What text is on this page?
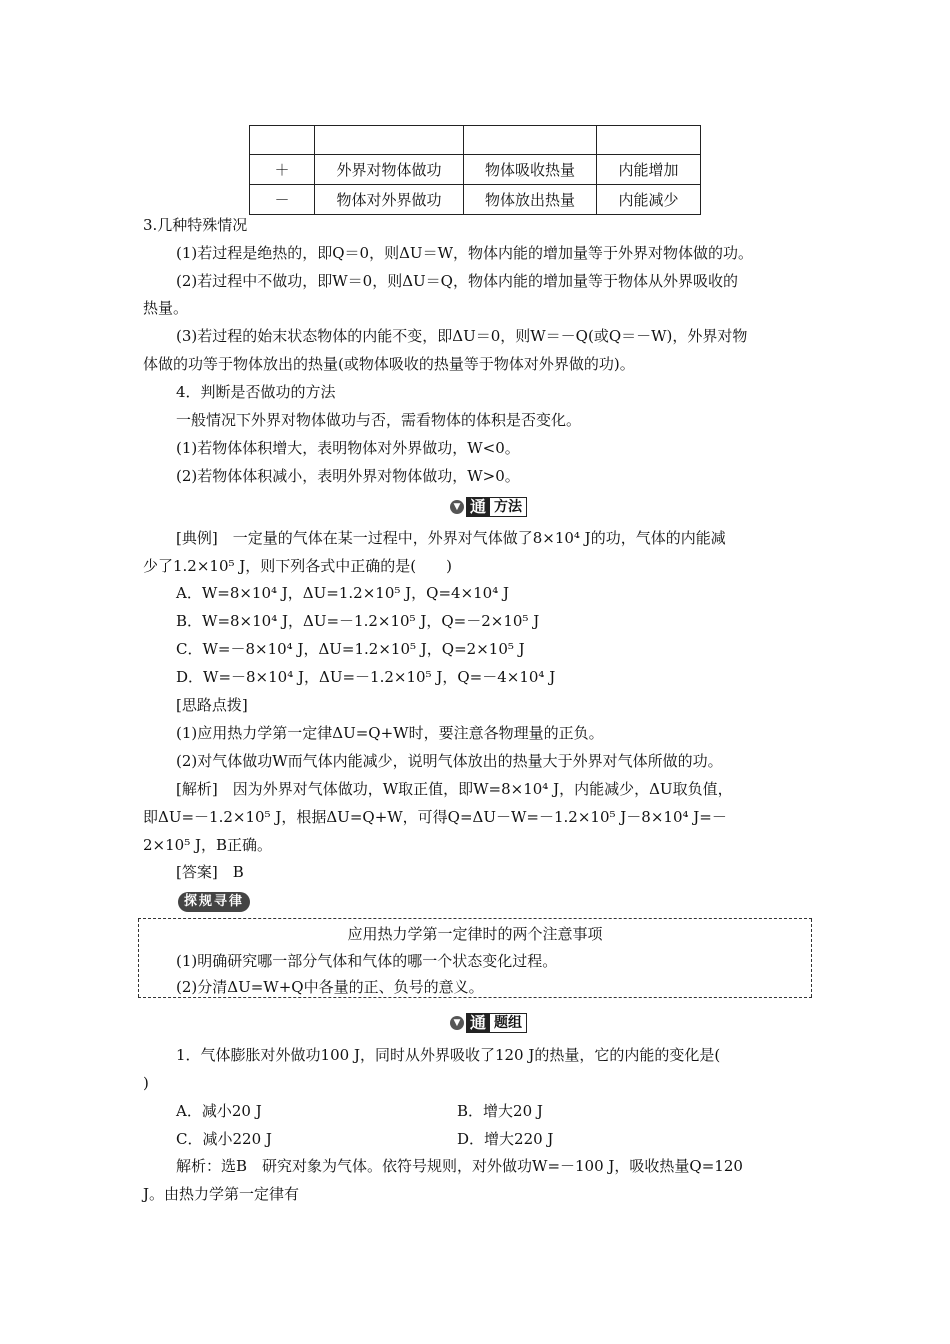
＋	外界对物体做功	物体吸收热量	内能增加
－	物体对外界做功	物体放出热量	内能减少
3.几种特殊情况
(1)若过程是绝热的，即Q＝0，则ΔU＝W，物体内能的增加量等于外界对物体做的功。
(2)若过程中不做功，即W＝0，则ΔU＝Q，物体内能的增加量等于物体从外界吸收的
热量。
(3)若过程的始末状态物体的内能不变，即ΔU＝0，则W＝－Q(或Q＝－W)，外界对物
体做的功等于物体放出的热量(或物体吸收的热量等于物体对外界做的功)。
4．判断是否做功的方法
一般情况下外界对物体做功与否，需看物体的体积是否变化。
(1)若物体体积增大，表明物体对外界做功，W<0。
(2)若物体体积减小，表明外界对物体做功，W>0。
▼ 通 方法
[典例]　一定量的气体在某一过程中，外界对气体做了8×10⁴ J的功，气体的内能减
少了1.2×10⁵ J，则下列各式中正确的是(　　)
A．W=8×10⁴ J，ΔU=1.2×10⁵ J，Q=4×10⁴ J
B．W=8×10⁴ J，ΔU=－1.2×10⁵ J，Q=－2×10⁵ J
C．W=－8×10⁴ J，ΔU=1.2×10⁵ J，Q=2×10⁵ J
D．W=－8×10⁴ J，ΔU=－1.2×10⁵ J，Q=－4×10⁴ J
[思路点拨]
(1)应用热力学第一定律ΔU=Q+W时，要注意各物理量的正负。
(2)对气体做功W而气体内能减少，说明气体放出的热量大于外界对气体所做的功。
[解析]　因为外界对气体做功，W取正值，即W=8×10⁴ J，内能减少，ΔU取负值，
即ΔU=－1.2×10⁵ J，根据ΔU=Q+W，可得Q=ΔU－W=－1.2×10⁵ J－8×10⁴ J=－
2×10⁵ J，B正确。
[答案]　B
探规寻律
应用热力学第一定律时的两个注意事项
(1)明确研究哪一部分气体和气体的哪一个状态变化过程。
(2)分清ΔU=W+Q中各量的正、负号的意义。
▼ 通 题组
1．气体膨胀对外做功100 J，同时从外界吸收了120 J的热量，它的内能的变化是(
)
A．减小20 J	B．增大20 J
C．减小220 J	D．增大220 J
解析：选B　研究对象为气体。依符号规则，对外做功W=－100 J，吸收热量Q=120
J。由热力学第一定律有
